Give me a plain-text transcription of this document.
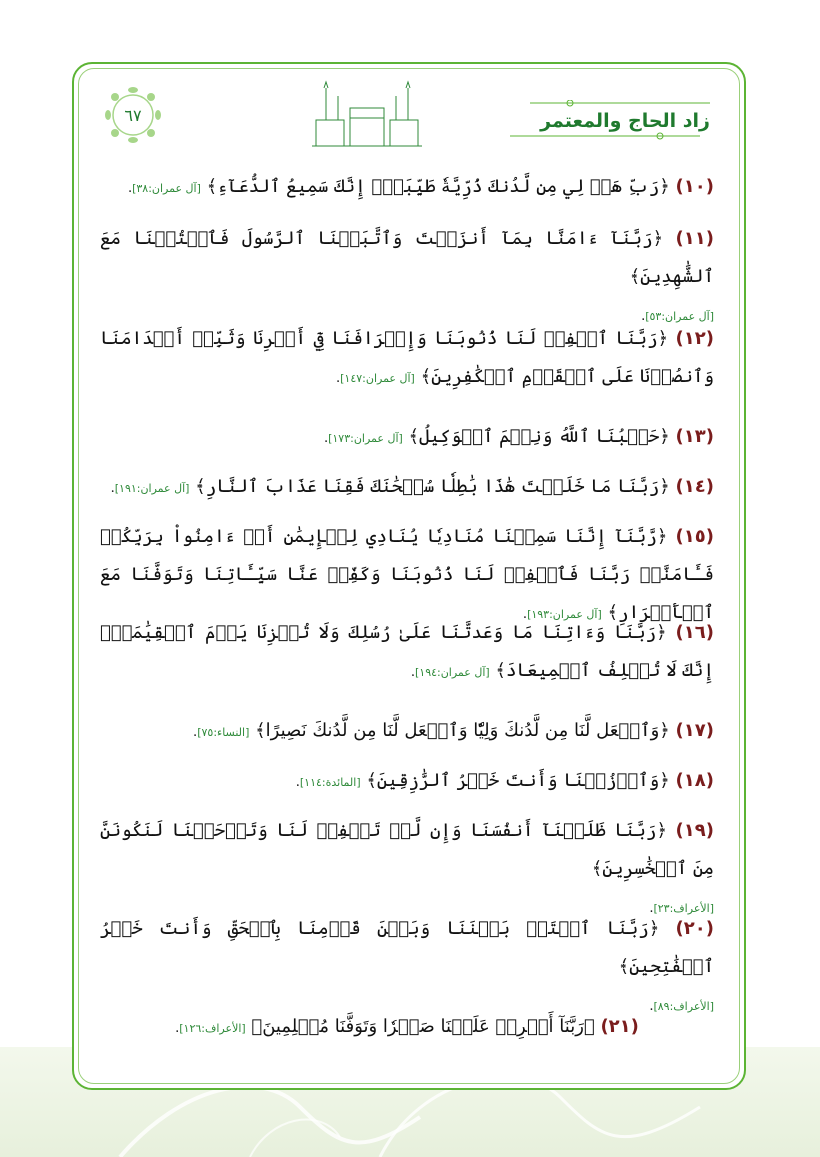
زاد الحاج والمعتمر
٦٧
(١٠) ﴿رَبِّ هَبۡ لِي مِن لَّدُنكَ ذُرِّيَّةٗ طَيِّبَةًۖ إِنَّكَ سَمِيعُ ٱلدُّعَآءِ﴾ [آل عمران:٣٨].
(١١) ﴿رَبَّنَآ ءَامَنَّا بِمَآ أَنزَلۡتَ وَٱتَّبَعۡنَا ٱلرَّسُولَ فَٱكۡتُبۡنَا مَعَ ٱلشَّٰهِدِينَ﴾
[آل عمران:٥٣].
(١٢) ﴿رَبَّنَا ٱغۡفِرۡ لَنَا ذُنُوبَنَا وَإِسۡرَافَنَا فِيٓ أَمۡرِنَا وَثَبِّتۡ أَقۡدَامَنَا وَٱنصُرۡنَا عَلَى ٱلۡقَوۡمِ ٱلۡكَٰفِرِينَ﴾ [آل عمران:١٤٧].
(١٣) ﴿حَسۡبُنَا ٱللَّهُ وَنِعۡمَ ٱلۡوَكِيلُ﴾ [آل عمران:١٧٣].
(١٤) ﴿رَبَّنَا مَا خَلَقۡتَ هَٰذَا بَٰطِلٗا سُبۡحَٰنَكَ فَقِنَا عَذَابَ ٱلنَّارِ﴾ [آل عمران:١٩١].
(١٥) ﴿رَّبَّنَآ إِنَّنَا سَمِعۡنَا مُنَادِيٗا يُنَادِي لِلۡإِيمَٰنِ أَنۡ ءَامِنُواْ بِرَبِّكُمۡ فَـَٔامَنَّاۚ رَبَّنَا فَٱغۡفِرۡ لَنَا ذُنُوبَنَا وَكَفِّرۡ عَنَّا سَيِّـَٔاتِنَا وَتَوَفَّنَا مَعَ ٱلۡأَبۡرَارِ﴾ [آل عمران:١٩٣].
(١٦) ﴿رَبَّنَا وَءَاتِنَا مَا وَعَدتَّنَا عَلَىٰ رُسُلِكَ وَلَا تُخۡزِنَا يَوۡمَ ٱلۡقِيَٰمَةِۖ إِنَّكَ لَا تُخۡلِفُ ٱلۡمِيعَادَ﴾ [آل عمران:١٩٤].
(١٧) ﴿وَٱجۡعَل لَّنَا مِن لَّدُنكَ وَلِيّٗا وَٱجۡعَل لَّنَا مِن لَّدُنكَ نَصِيرًا﴾ [النساء:٧٥].
(١٨) ﴿وَٱرۡزُقۡنَا وَأَنتَ خَيۡرُ ٱلرَّٰزِقِينَ﴾ [المائدة:١١٤].
(١٩) ﴿رَبَّنَا ظَلَمۡنَآ أَنفُسَنَا وَإِن لَّمۡ تَغۡفِرۡ لَنَا وَتَرۡحَمۡنَا لَنَكُونَنَّ مِنَ ٱلۡخَٰسِرِينَ﴾
[الأعراف:٢٣].
(٢٠) ﴿رَبَّنَا ٱفۡتَحۡ بَيۡنَنَا وَبَيۡنَ قَوۡمِنَا بِٱلۡحَقِّ وَأَنتَ خَيۡرُ ٱلۡفَٰتِحِينَ﴾
[الأعراف:٨٩].
(٢١) ﴿رَبَّنَآ أَفۡرِغۡ عَلَيۡنَا صَبۡرٗا وَتَوَفَّنَا مُسۡلِمِينَ﴾ [الأعراف:١٢٦].
